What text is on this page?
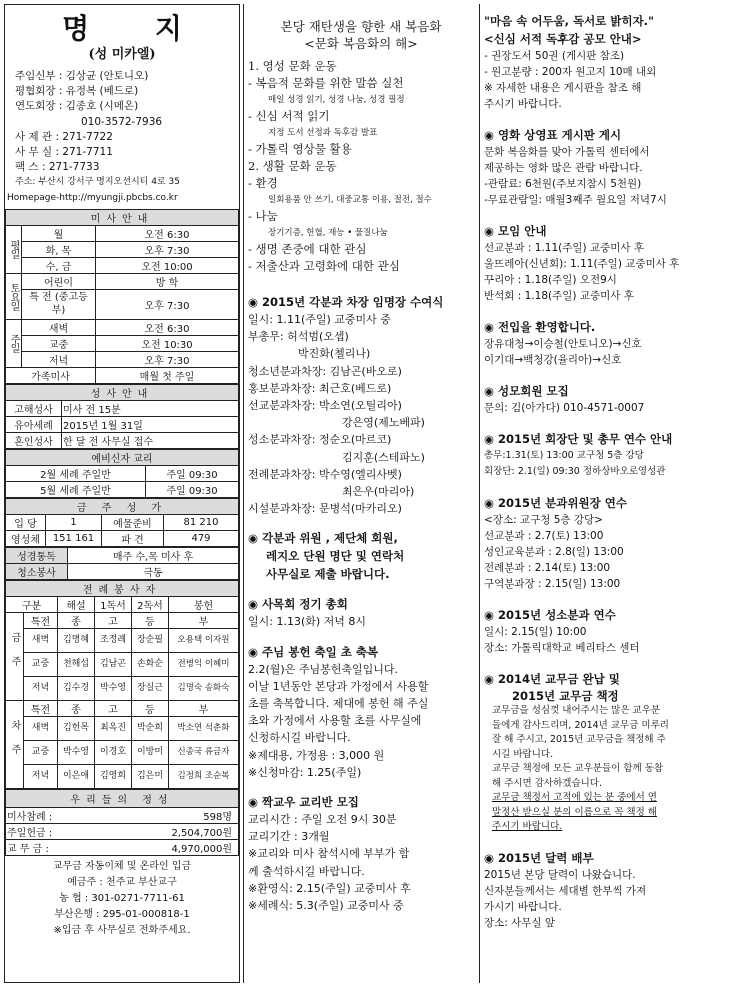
명 지
(성 미카엘)
주임신부 : 김상균 (안토니오)
평협회장 : 유정복 (베드로)
연도회장 : 김종호 (시메온)
010-3572-7936
사 제 관 : 271-7722
사 무 실 : 271-7711
팩 스 : 271-7733
주소: 부산시 강서구 명지오션시티 4로 35
Homepage-http://myungji.pbcbs.co.kr
미사안내		
평일	월	오전 6:30
	화, 목	오후 7:30
	수, 금	오전 10:00
토요일	어린이	방 학
	특 전 (중고등부)	오후 7:30
주일	새벽	오전 6:30
	교중	오전 10:30
	저녁	오후 7:30
가족미사		매월 첫 주일
성사안내	
고해성사	미사 전 15분
유아세례	2015년 1월 31일
혼인성사	한 달 전 사무실 접수
예비신자 교리	
2월 세례 주일반	주일 09:30
5월 세례 주일반	주일 09:30
금 주 성 가			
입 당	1	예물준비	81 210
영성체	151 161	파 견	479
성경통독	매주 수,목 미사 후
청소봉사	극동
전례봉사자					
구분		해설	1독서	2독서	봉헌
금주	특전	종	고	등	부
	새벽	김명혜	조정례	장순필	오용택 이자원
	교중	천해섭	김남곤	손화순	전병익 이혜미
	저녁	김수경	박수영	장실근	김명숙 송화숙
차주	특전	종	고	등	부
	새벽	김헌목	최옥진	박순희	박소연 석춘화
	교중	박수영	이경호	이방미	신종국 류금자
	저녁	이은애	김영희	김은미	김정희 조순복
우리들의 정성	
미사참례 :	598명
주일헌금 :	2,504,700원
교 무 금 :	4,970,000원
교무금 자동이체 및 온라인 입금
예금주 : 천주교 부산교구
농 협 : 301-0271-7711-61
부산은행 : 295-01-000818-1
※입금 후 사무실로 전화주세요.
본당 재탄생을 향한 새 복음화
<문화 복음화의 해>
1. 영성 문화 운동
- 복음적 문화를 위한 말씀 실천
매일 성경 읽기, 성경 나눔, 성경 필정
- 신심 서적 읽기
지정 도서 선정과 독후감 발표
- 가톨릭 영상물 활용
2. 생활 문화 운동
- 환경
일회용품 안 쓰기, 대중교통 이용, 절전, 절수
- 나눔
장기기증, 헌혈, 재능 • 물질나눔
- 생명 존중에 대한 관심
- 저출산과 고령화에 대한 관심
◉ 2015년 각분과 차장 임명장 수여식
일시: 1.11(주일) 교중미사 중
부총무: 허석범(오셉)
박진화(첼리나)
청소년분과차장: 김남곤(바오로)
홍보분과차장: 최근호(베드로)
선교분과차장: 박소연(오틸리아)
강은영(제노베파)
성소분과차장: 정순오(마르코)
김지훈(스테파노)
전례분과차장: 박수영(엘리사벳)
최은우(마리아)
시설분과차장: 문병석(마카리오)
◉ 각분과 위원 , 제단체 회원,
레지오 단원 명단 및 연락처
사무실로 제출 바랍니다.
◉ 사목회 정기 총회
일시: 1.13(화) 저녁 8시
◉ 주님 봉헌 축일 초 축복
2.2(월)은 주님봉헌축일입니다.
이날 1년동안 본당과 가정에서 사용할
초를 축복합니다. 제대에 봉헌 해 주실
초와 가정에서 사용할 초를 사무실에
신청하시길 바랍니다.
※제대용, 가정용 : 3,000 원
※신청마감: 1.25(주일)
◉ 짝교우 교리반 모집
교리시간 : 주일 오전 9시 30분
교리기간 : 3개월
※교리와 미사 참석시에 부부가 함
께 출석하시길 바랍니다.
※환영식: 2.15(주일) 교중미사 후
※세례식: 5.3(주일) 교중미사 중
"마음 속 어두움, 독서로 밝히자."
<신심 서적 독후감 공모 안내>
- 권장도서 50권 (게시판 참조)
- 원고분량 : 200자 원고지 10매 내외
※ 자세한 내용은 게시판을 참조 해
주시기 바랍니다.
◉ 영화 상영표 게시판 게시
문화 복음화를 맞아 가톨릭 센터에서
제공하는 영화 많은 관람 바랍니다.
-관람료: 6천원(주보지참시 5천원)
-무료관람일: 매월3째주 월요일 저녁7시
◉ 모임 안내
선교분과 : 1.11(주일) 교중미사 후
울뜨레아(신년회): 1.11(주일) 교중미사 후
꾸리아 : 1.18(주일) 오전9시
반석회 : 1.18(주일) 교중미사 후
◉ 전입을 환영합니다.
장유대청→이승철(안토니오)→신호
이기대→백청강(율리아)→신호
◉ 성모회원 모집
문의: 김(아가다) 010-4571-0007
◉ 2015년 회장단 및 총무 연수 안내
총무:1.31(토) 13:00 교구청 5층 강당
회장단: 2.1(일) 09:30 정하상바오로영성관
◉ 2015년 분과위원장 연수
<장소: 교구청 5층 강당>
선교분과 : 2.7(토) 13:00
성인교육분과 : 2.8(일) 13:00
전례분과 : 2.14(토) 13:00
구역분과장 : 2.15(일) 13:00
◉ 2015년 성소분과 연수
일시: 2.15(일) 10:00
장소: 가톨릭대학교 베리타스 센터
◉ 2014년 교무금 완납 및
2015년 교무금 책정
교무금을 성심껏 내어주시는 많은 교우분
들에게 감사드리며, 2014년 교무금 미루리
잘 해 주시고, 2015년 교무금을 책정해 주
시길 바랍니다.
교무금 책정에 모든 교우분들이 함께 동참
해 주시면 감사하겠습니다.
교무금 책정서 고적에 있는 분 중에서 연
말정산 받으실 분의 이름으로 꼭 책정 해
주시기 바랍니다.
◉ 2015년 달력 배부
2015년 본당 달력이 나왔습니다.
신자분들께서는 세대별 한부씩 가져
가시기 바랍니다.
장소: 사무실 앞
